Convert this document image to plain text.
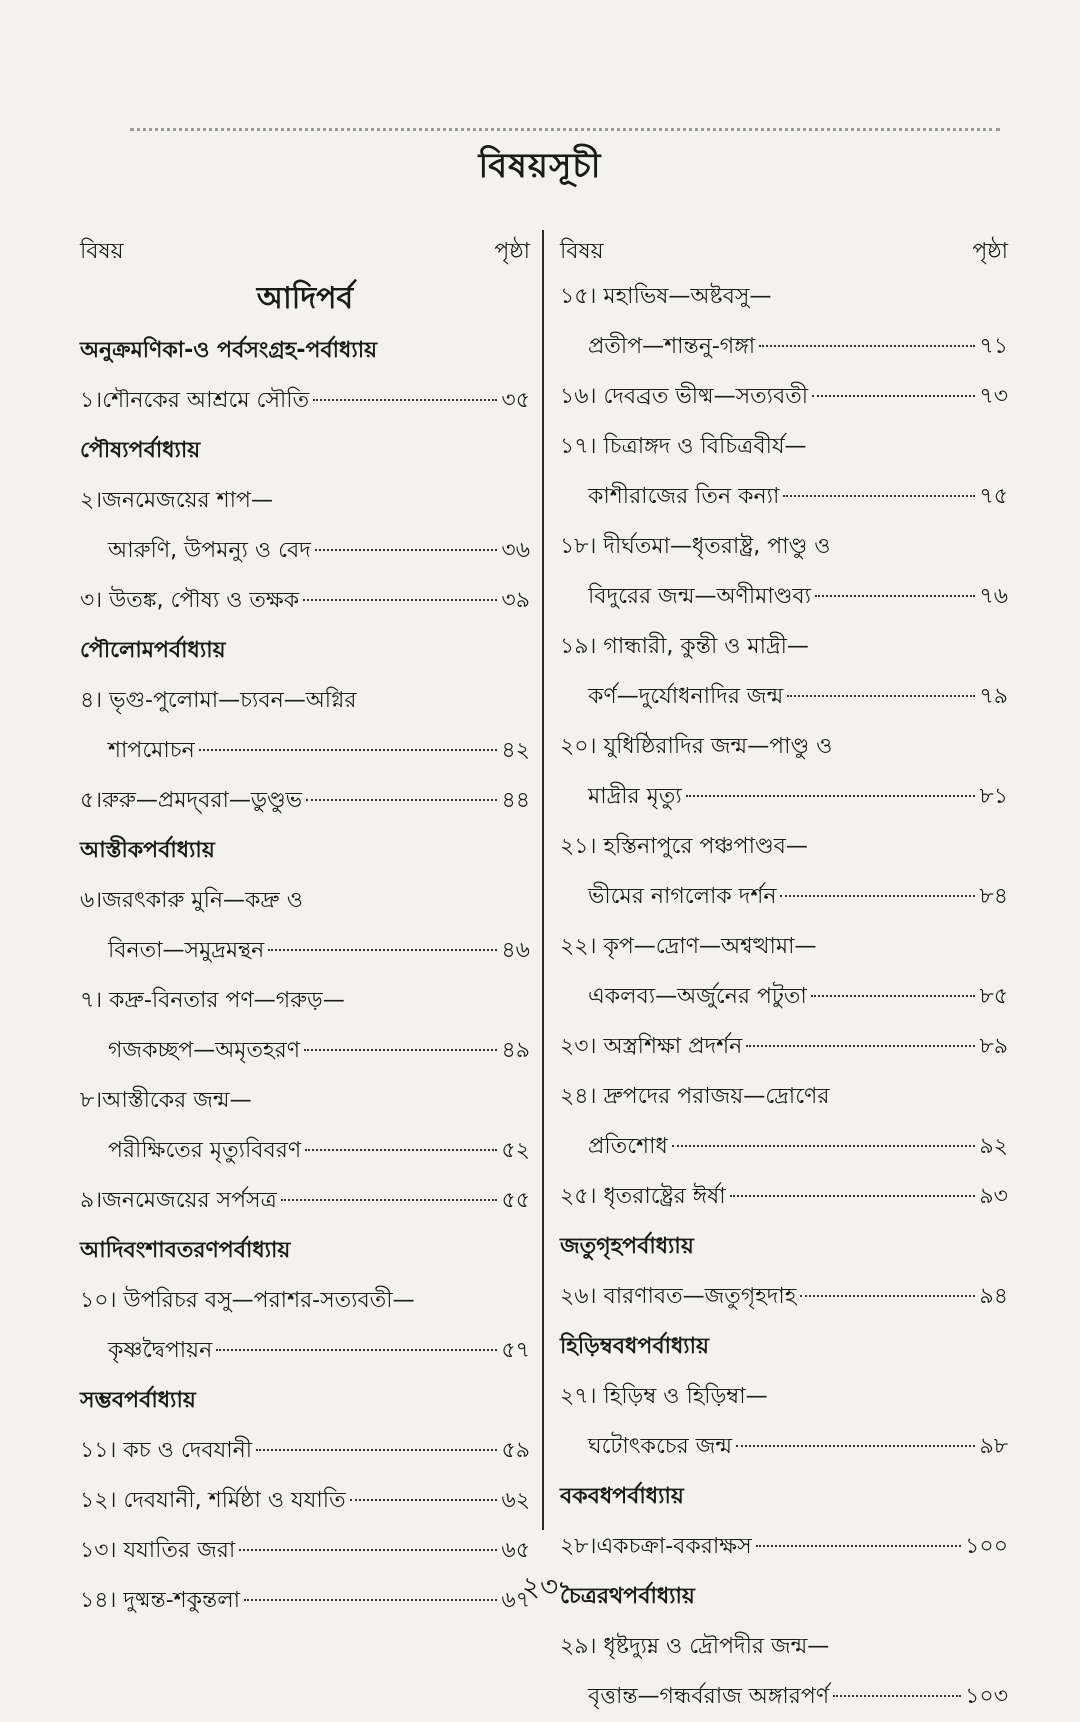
বিষয়সূচী
বিষয়	পৃষ্ঠা
আদিপর্ব
অনুক্রমণিকা-ও পর্বসংগ্রহ-পর্বাধ্যায়
১।শৌনকের আশ্রমে সৌতি	৩৫
পৌষ্যপর্বাধ্যায়
২।জনমেজয়ের শাপ—
আরুণি, উপমন্যু ও বেদ	৩৬
৩। উতঙ্ক, পৌষ্য ও তক্ষক	৩৯
পৌলোমপর্বাধ্যায়
৪। ভৃগু-পুলোমা—চ্যবন—অগ্নির
শাপমোচন	৪২
৫।রুরু—প্রমদ্‌বরা—ডুণ্ডুভ	৪৪
আস্তীকপর্বাধ্যায়
৬।জরৎকারু মুনি—কদ্রু ও
বিনতা—সমুদ্রমন্থন	৪৬
৭। কদ্রু-বিনতার পণ—গরুড়—
গজকচ্ছপ—অমৃতহরণ	৪৯
৮।আস্তীকের জন্ম—
পরীক্ষিতের মৃত্যুবিবরণ	৫২
৯।জনমেজয়ের সর্পসত্র	৫৫
আদিবংশাবতরণপর্বাধ্যায়
১০। উপরিচর বসু—পরাশর-সত্যবতী—
কৃষ্ণদ্বৈপায়ন	৫৭
সম্ভবপর্বাধ্যায়
১১। কচ ও দেবযানী	৫৯
১২। দেবযানী, শর্মিষ্ঠা ও যযাতি	৬২
১৩। যযাতির জরা	৬৫
১৪। দুষ্মন্ত-শকুন্তলা	৬৭
বিষয়	পৃষ্ঠা
১৫। মহাভিষ—অষ্টবসু—
প্রতীপ—শান্তনু-গঙ্গা	৭১
১৬। দেবব্রত ভীষ্ম—সত্যবতী	৭৩
১৭। চিত্রাঙ্গদ ও বিচিত্রবীর্য—
কাশীরাজের তিন কন্যা	৭৫
১৮। দীর্ঘতমা—ধৃতরাষ্ট্র, পাণ্ডু ও
বিদুরের জন্ম—অণীমাণ্ডব্য	৭৬
১৯। গান্ধারী, কুন্তী ও মাদ্রী—
কর্ণ—দুর্যোধনাদির জন্ম	৭৯
২০। যুধিষ্ঠিরাদির জন্ম—পাণ্ডু ও
মাদ্রীর মৃত্যু	৮১
২১। হস্তিনাপুরে পঞ্চপাণ্ডব—
ভীমের নাগলোক দর্শন	৮৪
২২। কৃপ—দ্রোণ—অশ্বত্থামা—
একলব্য—অর্জুনের পটুতা	৮৫
২৩। অস্ত্রশিক্ষা প্রদর্শন	৮৯
২৪। দ্রুপদের পরাজয়—দ্রোণের
প্রতিশোধ	৯২
২৫। ধৃতরাষ্ট্রের ঈর্ষা	৯৩
জতুগৃহপর্বাধ্যায়
২৬। বারণাবত—জতুগৃহদাহ	৯৪
হিড়িম্ববধপর্বাধ্যায়
২৭। হিড়িম্ব ও হিড়িম্বা—
ঘটোৎকচের জন্ম	৯৮
বকবধপর্বাধ্যায়
২৮।একচক্রা-বকরাক্ষস	১০০
চৈত্ররথপর্বাধ্যায়
২৯। ধৃষ্টদ্যুম্ন ও দ্রৌপদীর জন্ম—
বৃত্তান্ত—গন্ধর্বরাজ অঙ্গারপর্ণ	১০৩
২৩
